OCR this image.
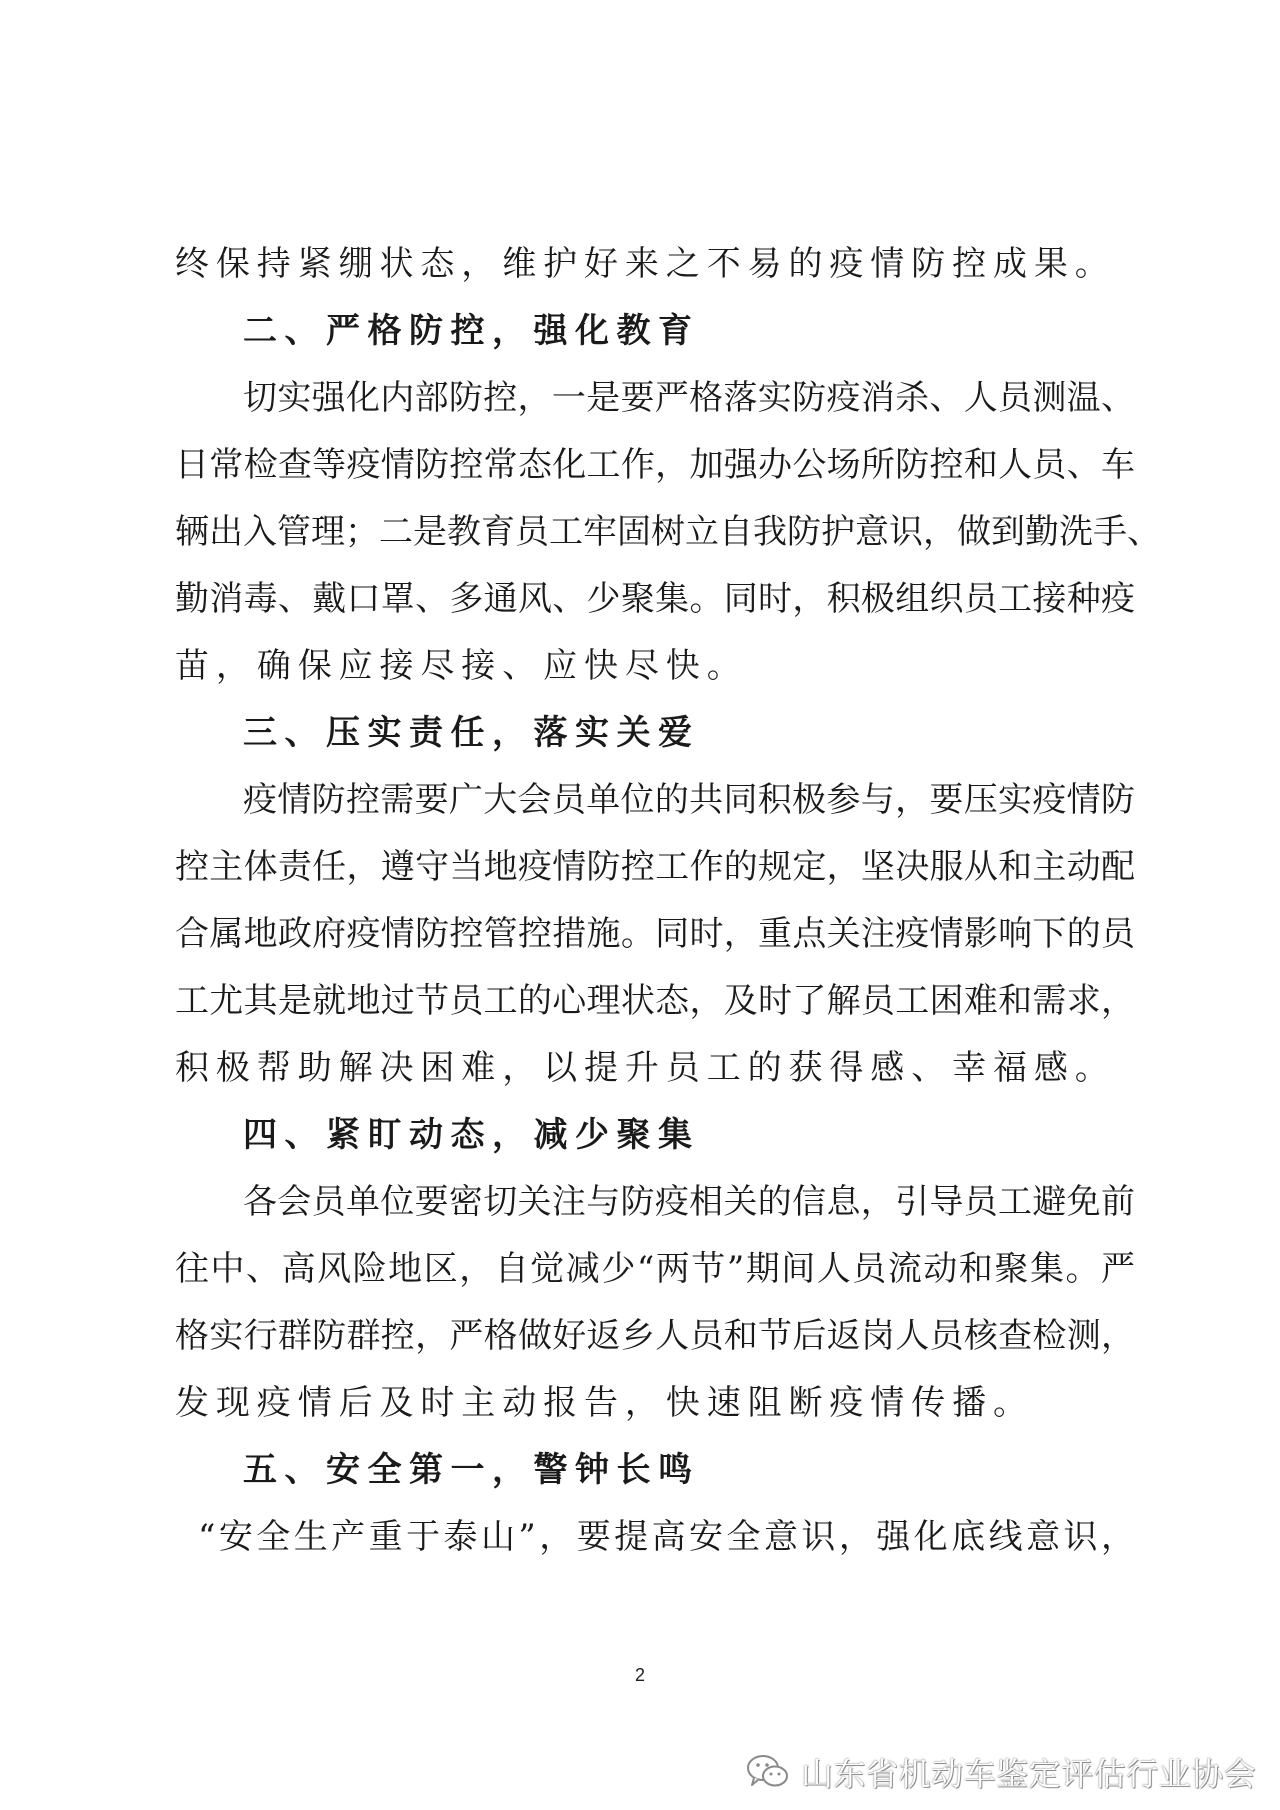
终保持紧绷状态，维护好来之不易的疫情防控成果。
二、严格防控，强化教育
切实强化内部防控，一是要严格落实防疫消杀、人员测温、
日常检查等疫情防控常态化工作，加强办公场所防控和人员、车
辆出入管理；二是教育员工牢固树立自我防护意识，做到勤洗手、
勤消毒、戴口罩、多通风、少聚集。同时，积极组织员工接种疫
苗，确保应接尽接、应快尽快。
三、压实责任，落实关爱
疫情防控需要广大会员单位的共同积极参与，要压实疫情防
控主体责任，遵守当地疫情防控工作的规定，坚决服从和主动配
合属地政府疫情防控管控措施。同时，重点关注疫情影响下的员
工尤其是就地过节员工的心理状态，及时了解员工困难和需求，
积极帮助解决困难，以提升员工的获得感、幸福感。
四、紧盯动态，减少聚集
各会员单位要密切关注与防疫相关的信息，引导员工避免前
往中、高风险地区，自觉减少“两节”期间人员流动和聚集。严
格实行群防群控，严格做好返乡人员和节后返岗人员核查检测，
发现疫情后及时主动报告，快速阻断疫情传播。
五、安全第一，警钟长鸣
“安全生产重于泰山”，要提高安全意识，强化底线意识，
2
山东省机动车鉴定评估行业协会
